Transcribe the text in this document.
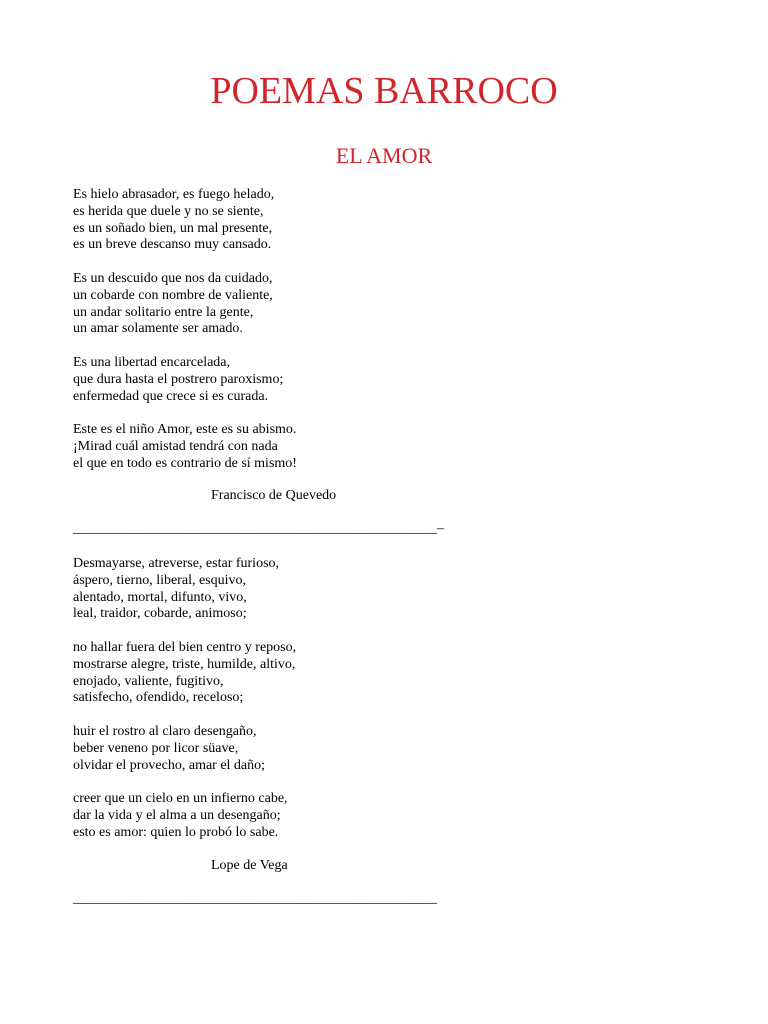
POEMAS BARROCO
EL AMOR

Es hielo abrasador, es fuego helado,
es herida que duele y no se siente,
es un soñado bien, un mal presente,
es un breve descanso muy cansado.

Es un descuido que nos da cuidado,
un cobarde con nombre de valiente,
un andar solitario entre la gente,
un amar solamente ser amado.

Es una libertad encarcelada,
que dura hasta el postrero paroxismo;
enfermedad que crece si es curada.

Este es el niño Amor, este es su abismo.
¡Mirad cuál amistad tendrá con nada
el que en todo es contrario de sí mismo!

Francisco de Quevedo
____________________________________________________–

Desmayarse, atreverse, estar furioso,
áspero, tierno, liberal, esquivo,
alentado, mortal, difunto, vivo,
leal, traidor, cobarde, animoso;

no hallar fuera del bien centro y reposo,
mostrarse alegre, triste, humilde, altivo,
enojado, valiente, fugitivo,
satisfecho, ofendido, receloso;

huir el rostro al claro desengaño,
beber veneno por licor süave,
olvidar el provecho, amar el daño;

creer que un cielo en un infierno cabe,
dar la vida y el alma a un desengaño;
esto es amor: quien lo probó lo sabe.

Lope de Vega
____________________________________________________
